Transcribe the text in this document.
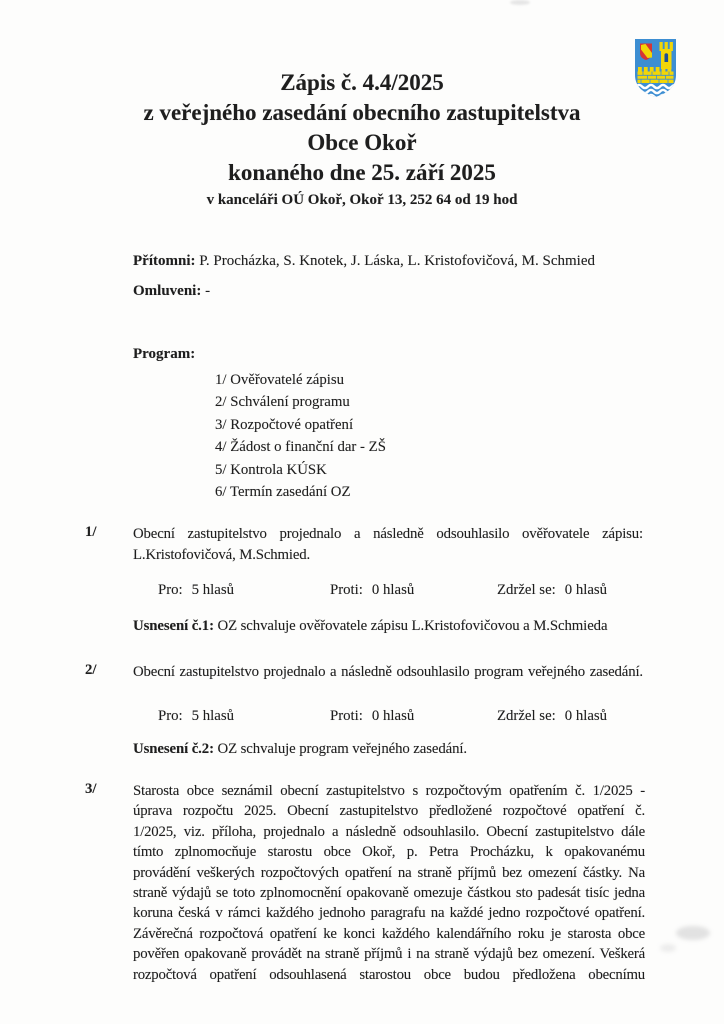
Zápis č. 4.4/2025
z veřejného zasedání obecního zastupitelstva
Obce Okoř
konaného dne 25. září 2025
v kanceláři OÚ Okoř, Okoř 13, 252 64 od 19 hod
Přítomni: P. Procházka, S. Knotek, J. Láska, L. Kristofovičová, M. Schmied
Omluveni: -
Program:
1/ Ověřovatelé zápisu
2/ Schválení programu
3/ Rozpočtové opatření
4/ Žádost o finanční dar - ZŠ
5/ Kontrola KÚSK
6/ Termín zasedání OZ
1/ Obecní zastupitelstvo projednalo a následně odsouhlasilo ověřovatele zápisu:
L.Kristofovičová, M.Schmied.
Pro: 5 hlasů	Proti: 0 hlasů	Zdržel se: 0 hlasů
Usnesení č.1: OZ schvaluje ověřovatele zápisu L.Kristofovičovou a M.Schmieda
2/ Obecní zastupitelstvo projednalo a následně odsouhlasilo program veřejného zasedání.
Pro: 5 hlasů	Proti: 0 hlasů	Zdržel se: 0 hlasů
Usnesení č.2: OZ schvaluje program veřejného zasedání.
3/ Starosta obce seznámil obecní zastupitelstvo s rozpočtovým opatřením č. 1/2025 -
úprava rozpočtu 2025. Obecní zastupitelstvo předložené rozpočtové opatření č.
1/2025, viz. příloha, projednalo a následně odsouhlasilo. Obecní zastupitelstvo dále
tímto zplnomocňuje starostu obce Okoř, p. Petra Procházku, k opakovanému
provádění veškerých rozpočtových opatření na straně příjmů bez omezení částky. Na
straně výdajů se toto zplnomocnění opakovaně omezuje částkou sto padesát tisíc jedna
koruna česká v rámci každého jednoho paragrafu na každé jedno rozpočtové opatření.
Závěrečná rozpočtová opatření ke konci každého kalendářního roku je starosta obce
pověřen opakovaně provádět na straně příjmů i na straně výdajů bez omezení. Veškerá
rozpočtová opatření odsouhlasená starostou obce budou předložena obecnímu
